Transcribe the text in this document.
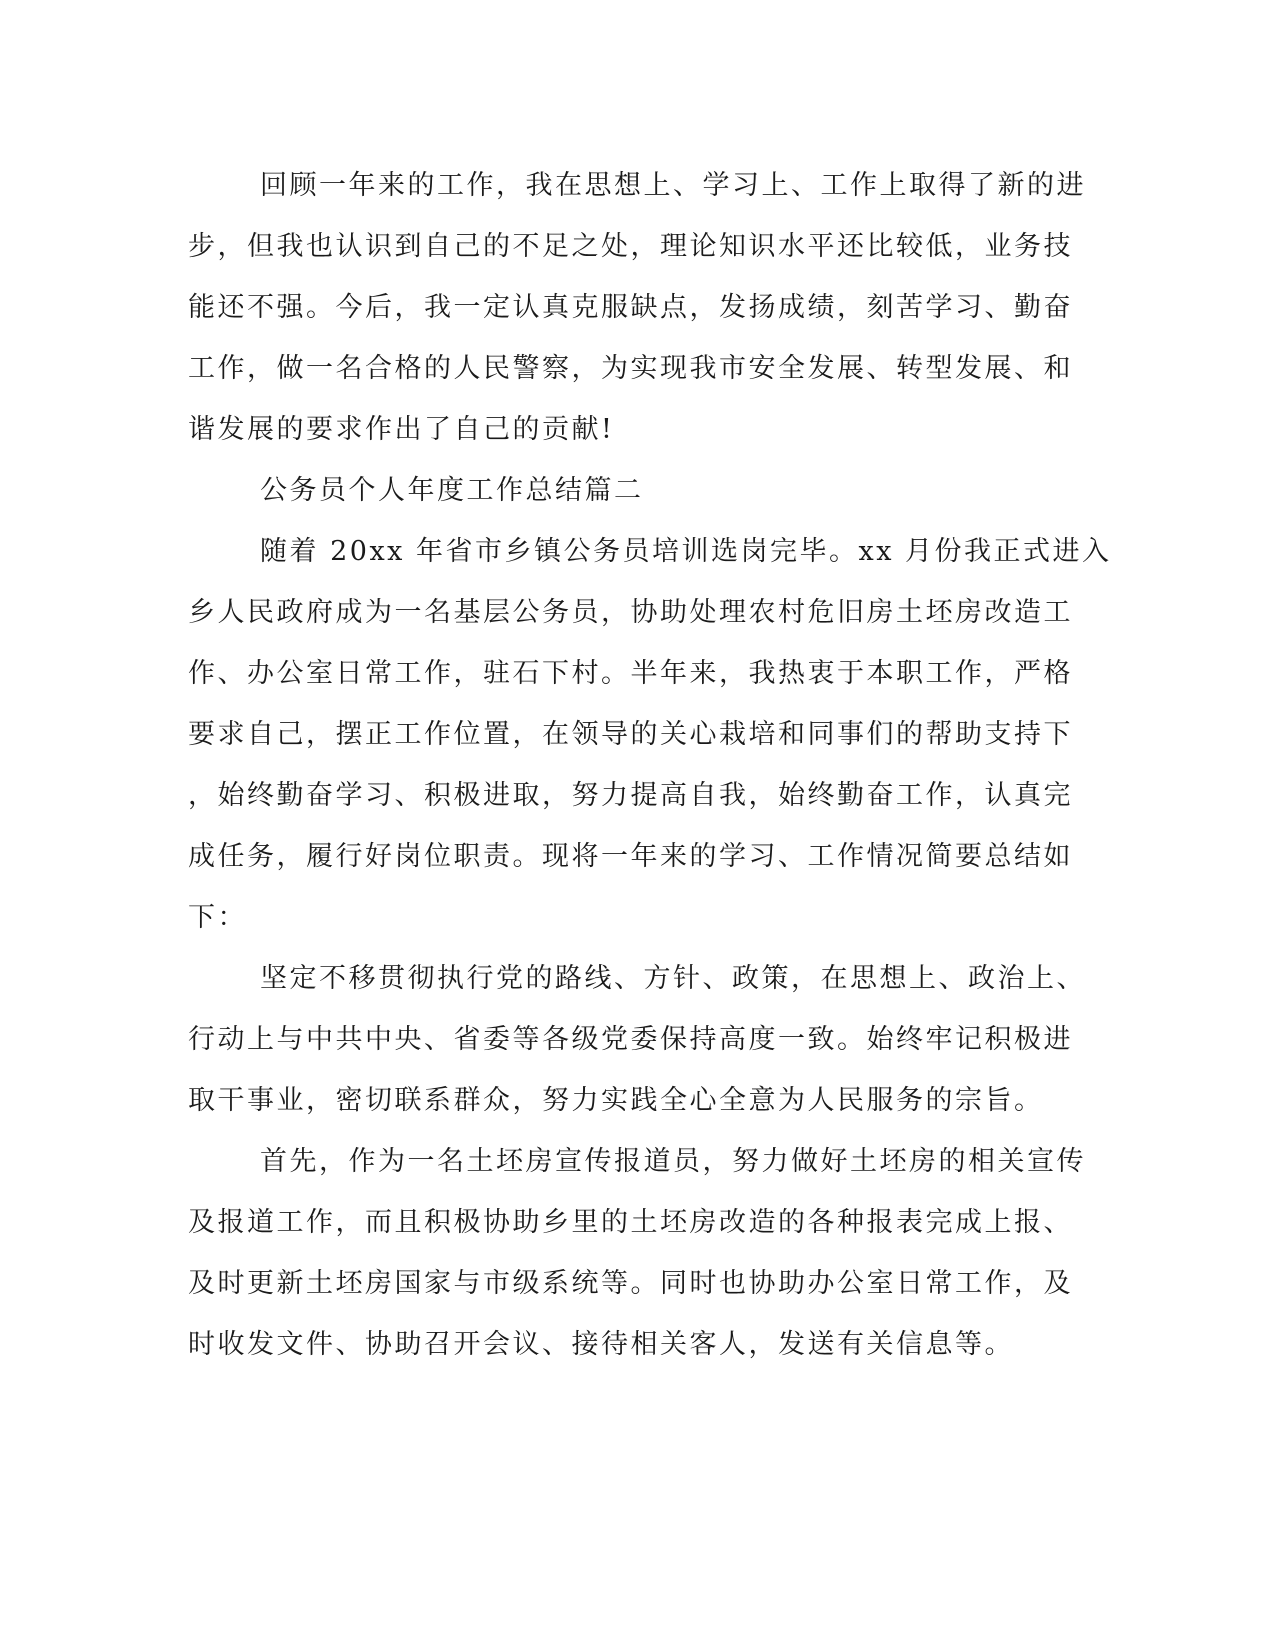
回顾一年来的工作，我在思想上、学习上、工作上取得了新的进
步，但我也认识到自己的不足之处，理论知识水平还比较低，业务技
能还不强。今后，我一定认真克服缺点，发扬成绩，刻苦学习、勤奋
工作，做一名合格的人民警察，为实现我市安全发展、转型发展、和
谐发展的要求作出了自己的贡献!
公务员个人年度工作总结篇二
随着 20xx 年省市乡镇公务员培训选岗完毕。xx 月份我正式进入
乡人民政府成为一名基层公务员，协助处理农村危旧房土坯房改造工
作、办公室日常工作，驻石下村。半年来，我热衷于本职工作，严格
要求自己，摆正工作位置，在领导的关心栽培和同事们的帮助支持下
，始终勤奋学习、积极进取，努力提高自我，始终勤奋工作，认真完
成任务，履行好岗位职责。现将一年来的学习、工作情况简要总结如
下：
坚定不移贯彻执行党的路线、方针、政策，在思想上、政治上、
行动上与中共中央、省委等各级党委保持高度一致。始终牢记积极进
取干事业，密切联系群众，努力实践全心全意为人民服务的宗旨。
首先，作为一名土坯房宣传报道员，努力做好土坯房的相关宣传
及报道工作，而且积极协助乡里的土坯房改造的各种报表完成上报、
及时更新土坯房国家与市级系统等。同时也协助办公室日常工作，及
时收发文件、协助召开会议、接待相关客人，发送有关信息等。
